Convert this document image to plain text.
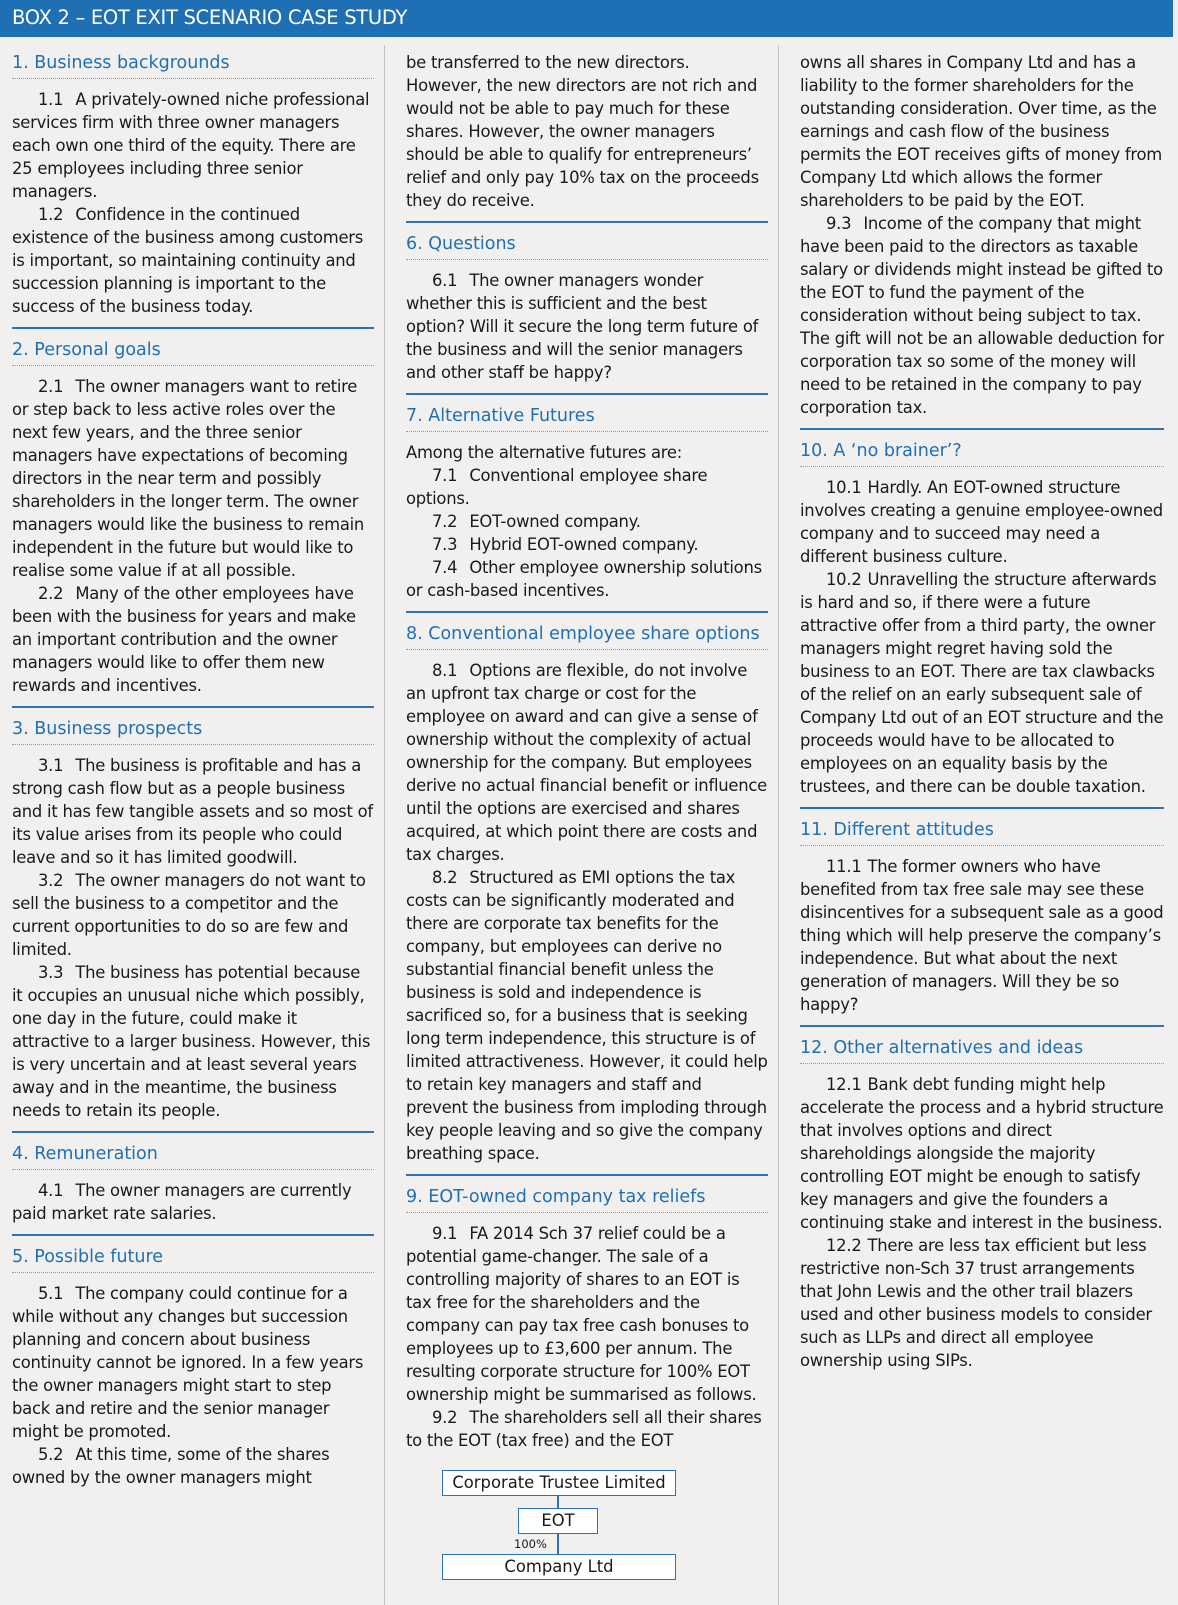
BOX 2 – EOT EXIT SCENARIO CASE STUDY
1. Business backgrounds

1.1 A privately-owned niche professional services firm with three owner managers each own one third of the equity. There are 25 employees including three senior managers.

1.2 Confidence in the continued existence of the business among customers is important, so maintaining continuity and succession planning is important to the success of the business today.

2. Personal goals

2.1 The owner managers want to retire or step back to less active roles over the next few years, and the three senior managers have expectations of becoming directors in the near term and possibly shareholders in the longer term. The owner managers would like the business to remain independent in the future but would like to realise some value if at all possible.

2.2 Many of the other employees have been with the business for years and make an important contribution and the owner managers would like to offer them new rewards and incentives.

3. Business prospects

3.1 The business is profitable and has a strong cash flow but as a people business and it has few tangible assets and so most of its value arises from its people who could leave and so it has limited goodwill.

3.2 The owner managers do not want to sell the business to a competitor and the current opportunities to do so are few and limited.

3.3 The business has potential because it occupies an unusual niche which possibly, one day in the future, could make it attractive to a larger business. However, this is very uncertain and at least several years away and in the meantime, the business needs to retain its people.

4. Remuneration

4.1 The owner managers are currently paid market rate salaries.

5. Possible future

5.1 The company could continue for a while without any changes but succession planning and concern about business continuity cannot be ignored. In a few years the owner managers might start to step back and retire and the senior manager might be promoted.

5.2 At this time, some of the shares owned by the owner managers might

be transferred to the new directors. However, the new directors are not rich and would not be able to pay much for these shares. However, the owner managers should be able to qualify for entrepreneurs’ relief and only pay 10% tax on the proceeds they do receive.

6. Questions

6.1 The owner managers wonder whether this is sufficient and the best option? Will it secure the long term future of the business and will the senior managers and other staff be happy?

7. Alternative Futures

Among the alternative futures are:

7.1 Conventional employee share options.

7.2 EOT-owned company.

7.3 Hybrid EOT-owned company.

7.4 Other employee ownership solutions or cash-based incentives.

8. Conventional employee share options

8.1 Options are flexible, do not involve an upfront tax charge or cost for the employee on award and can give a sense of ownership without the complexity of actual ownership for the company. But employees derive no actual financial benefit or influence until the options are exercised and shares acquired, at which point there are costs and tax charges.

8.2 Structured as EMI options the tax costs can be significantly moderated and there are corporate tax benefits for the company, but employees can derive no substantial financial benefit unless the business is sold and independence is sacrificed so, for a business that is seeking long term independence, this structure is of limited attractiveness. However, it could help to retain key managers and staff and prevent the business from imploding through key people leaving and so give the company breathing space.

9. EOT-owned company tax reliefs

9.1 FA 2014 Sch 37 relief could be a potential game-changer. The sale of a controlling majority of shares to an EOT is tax free for the shareholders and the company can pay tax free cash bonuses to employees up to £3,600 per annum. The resulting corporate structure for 100% EOT ownership might be summarised as follows.

9.2 The shareholders sell all their shares to the EOT (tax free) and the EOT

Corporate Trustee Limited
EOT
100%
Company Ltd

owns all shares in Company Ltd and has a liability to the former shareholders for the outstanding consideration. Over time, as the earnings and cash flow of the business permits the EOT receives gifts of money from Company Ltd which allows the former shareholders to be paid by the EOT.

9.3 Income of the company that might have been paid to the directors as taxable salary or dividends might instead be gifted to the EOT to fund the payment of the consideration without being subject to tax. The gift will not be an allowable deduction for corporation tax so some of the money will need to be retained in the company to pay corporation tax.

10. A ‘no brainer’?

10.1 Hardly. An EOT-owned structure involves creating a genuine employee-owned company and to succeed may need a different business culture.

10.2 Unravelling the structure afterwards is hard and so, if there were a future attractive offer from a third party, the owner managers might regret having sold the business to an EOT. There are tax clawbacks of the relief on an early subsequent sale of Company Ltd out of an EOT structure and the proceeds would have to be allocated to employees on an equality basis by the trustees, and there can be double taxation.

11. Different attitudes

11.1 The former owners who have benefited from tax free sale may see these disincentives for a subsequent sale as a good thing which will help preserve the company’s independence. But what about the next generation of managers. Will they be so happy?

12. Other alternatives and ideas

12.1 Bank debt funding might help accelerate the process and a hybrid structure that involves options and direct shareholdings alongside the majority controlling EOT might be enough to satisfy key managers and give the founders a continuing stake and interest in the business.

12.2 There are less tax efficient but less restrictive non-Sch 37 trust arrangements that John Lewis and the other trail blazers used and other business models to consider such as LLPs and direct all employee ownership using SIPs.
